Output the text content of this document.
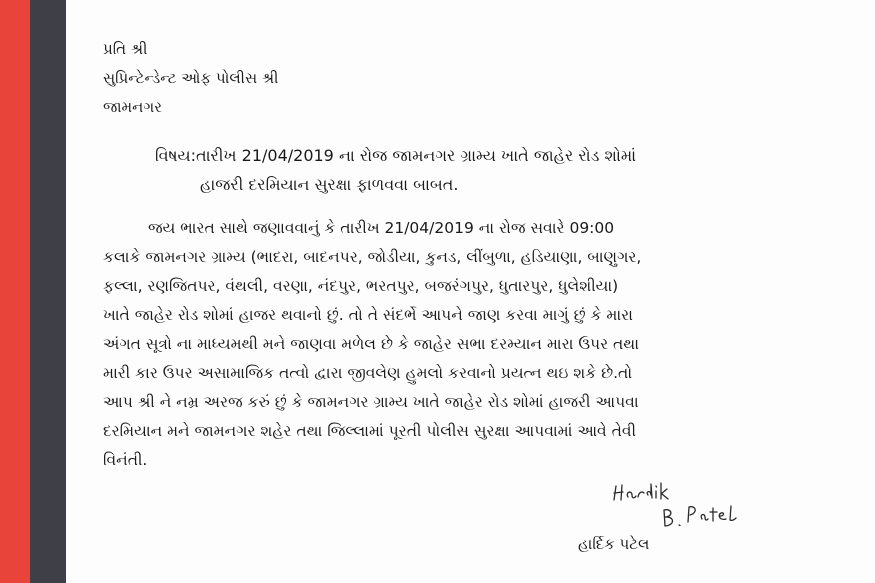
પ્રતિ શ્રી
સુપ્રિન્ટેન્ડેન્ટ ઓફ પોલીસ શ્રી
જામનગર
વિષય:તારીખ 21/04/2019 ના રોજ જામનગર ગ્રામ્ય ખાતે જાહેર રોડ શોમાં
હાજરી દરમિયાન સુરક્ષા ફાળવવા બાબત.
જય ભારત સાથે જણાવવાનું કે તારીખ 21/04/2019 ના રોજ સવારે 09:00
કલાકે જામનગર ગ્રામ્ય (ભાદરા, બાદનપર, જોડીયા, કુનડ, લીંબુળા, હડિયાણા, બાણુગર,
ફલ્લા, રણજિતપર, વંથલી, વરણા, નંદપુર, ભરતપુર, બજરંગપુર, ધુતારપુર, ધુલેશીયા)
ખાતે જાહેર રોડ શોમાં હાજર થવાનો છું. તો તે સંદર્ભે આપને જાણ કરવા માગું છું કે મારા
અંગત સૂત્રો ના માધ્યમથી મને જાણવા મળેલ છે કે જાહેર સભા દરમ્યાન મારા ઉપર તથા
મારી કાર ઉપર અસામાજિક તત્વો દ્વારા જીવલેણ હુમલો કરવાનો પ્રયત્ન થઇ શકે છે.તો
આપ શ્રી ને નમ્ર અરજ કરું છું કે જામનગર ગ્રામ્ય ખાતે જાહેર રોડ શોમાં હાજરી આપવા
દરમિયાન મને જામનગર શહેર તથા જિલ્લામાં પૂરતી પોલીસ સુરક્ષા આપવામાં આવે તેવી
વિનંતી.
હાર્દિક પટેલ
